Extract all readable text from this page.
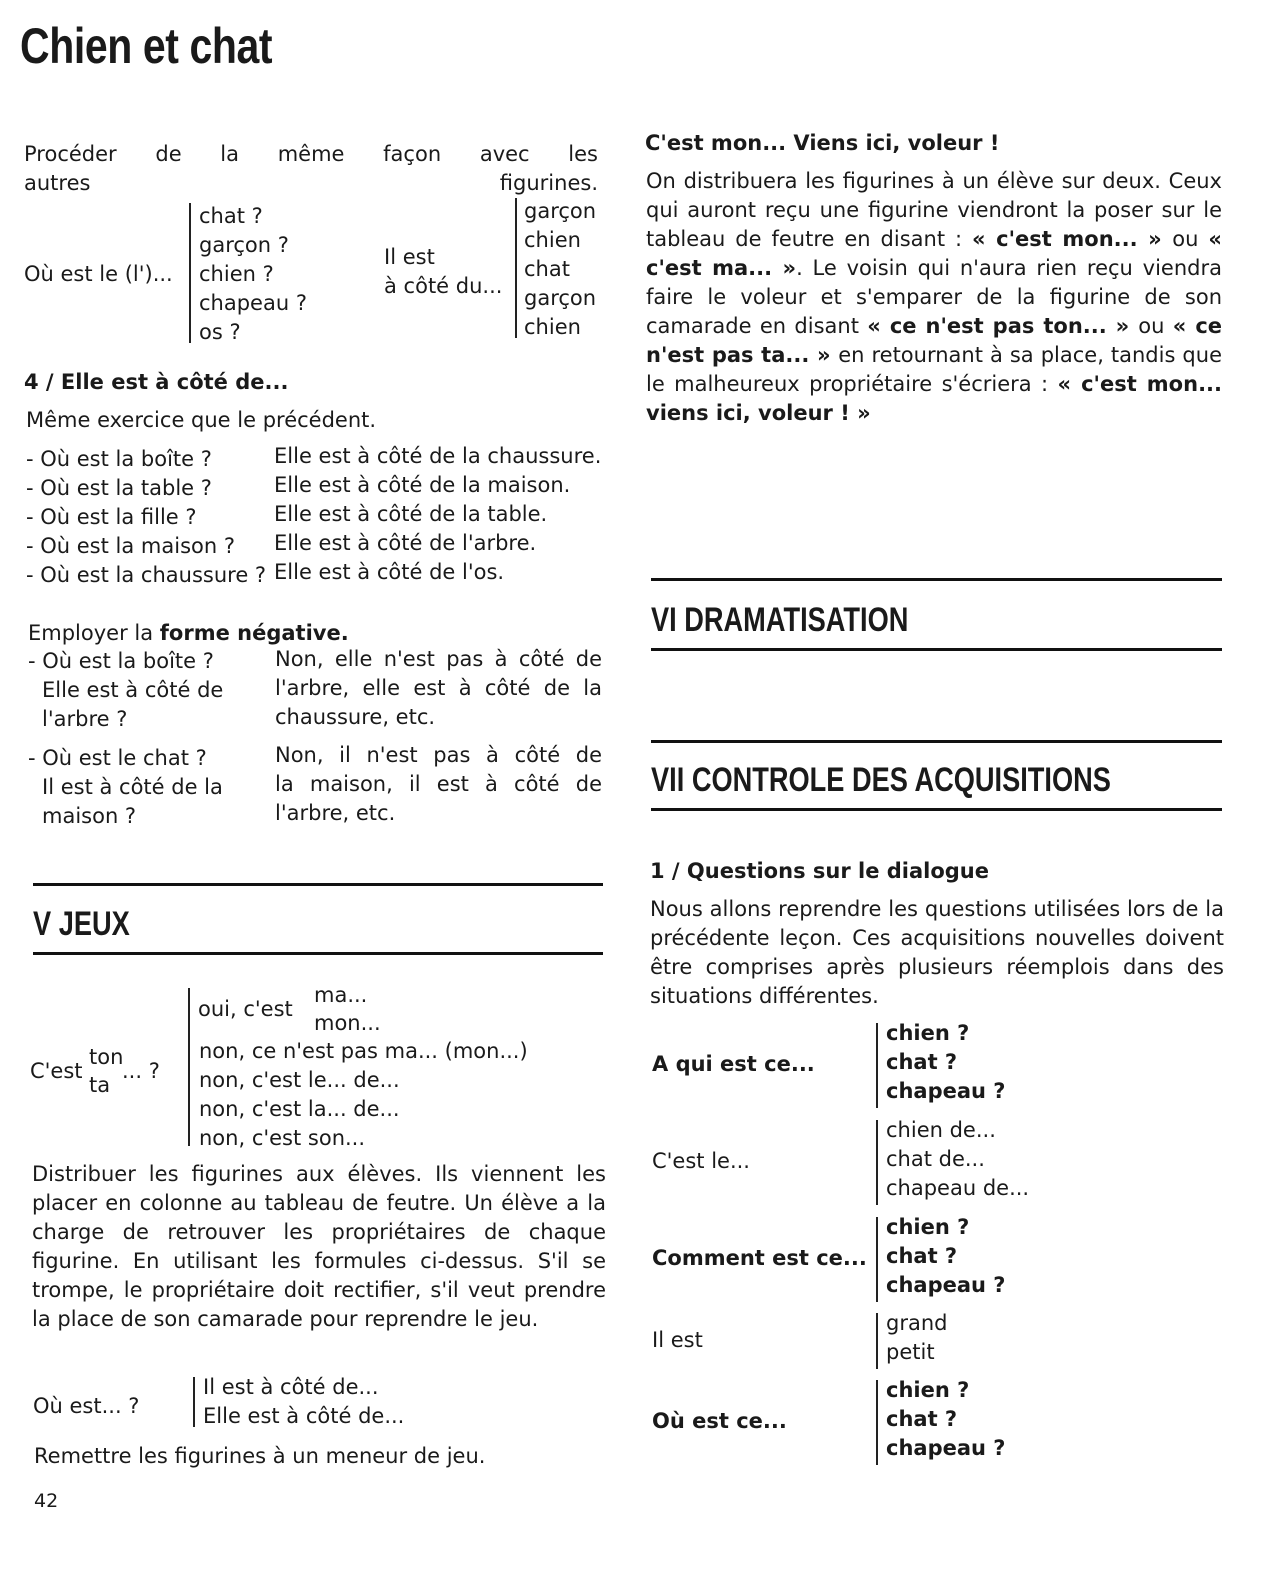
Chien et chat
Procéder de la même façon avec les
autres figurines.
Où est le (l')...
chat ?
garçon ?
chien ?
chapeau ?
os ?
Il est
à côté du...
garçon
chien
chat
garçon
chien
4 / Elle est à côté de...
Même exercice que le précédent.
- Où est la boîte ?
- Où est la table ?
- Où est la fille ?
- Où est la maison ?
- Où est la chaussure ?
Elle est à côté de la chaussure.
Elle est à côté de la maison.
Elle est à côté de la table.
Elle est à côté de l'arbre.
Elle est à côté de l'os.
Employer la forme négative.
- Où est la boîte ?
Elle est à côté de
l'arbre ?
Non, elle n'est pas à côté de
l'arbre, elle est à côté de la
chaussure, etc.
- Où est le chat ?
Il est à côté de la
maison ?
Non, il n'est pas à côté de
la maison, il est à côté de
l'arbre, etc.
V JEUX
C'est
ton
ta
... ?
oui, c'est
ma...
mon...
non, ce n'est pas ma... (mon...)
non, c'est le... de...
non, c'est la... de...
non, c'est son...
Distribuer les figurines aux élèves. Ils viennent les placer en colonne au tableau de feutre. Un élève a la charge de retrouver les propriétaires de chaque figurine. En utilisant les formules ci-dessus. S'il se trompe, le propriétaire doit rectifier, s'il veut prendre la place de son camarade pour reprendre le jeu.
Où est... ?
Il est à côté de...
Elle est à côté de...
Remettre les figurines à un meneur de jeu.
42
C'est mon... Viens ici, voleur !
On distribuera les figurines à un élève sur deux. Ceux qui auront reçu une figurine viendront la poser sur le tableau de feutre en disant : « c'est mon... » ou « c'est ma... ». Le voisin qui n'aura rien reçu viendra faire le voleur et s'emparer de la figurine de son camarade en disant « ce n'est pas ton... » ou « ce n'est pas ta... » en retournant à sa place, tandis que le malheureux propriétaire s'écriera : « c'est mon... viens ici, voleur ! »
VI DRAMATISATION
VII CONTROLE DES ACQUISITIONS
1 / Questions sur le dialogue
Nous allons reprendre les questions utilisées lors de la précédente leçon. Ces acquisitions nouvelles doivent être comprises après plusieurs réemplois dans des situations différentes.
A qui est ce...
chien ?
chat ?
chapeau ?
C'est le...
chien de...
chat de...
chapeau de...
Comment est ce...
chien ?
chat ?
chapeau ?
Il est
grand
petit
Où est ce...
chien ?
chat ?
chapeau ?
